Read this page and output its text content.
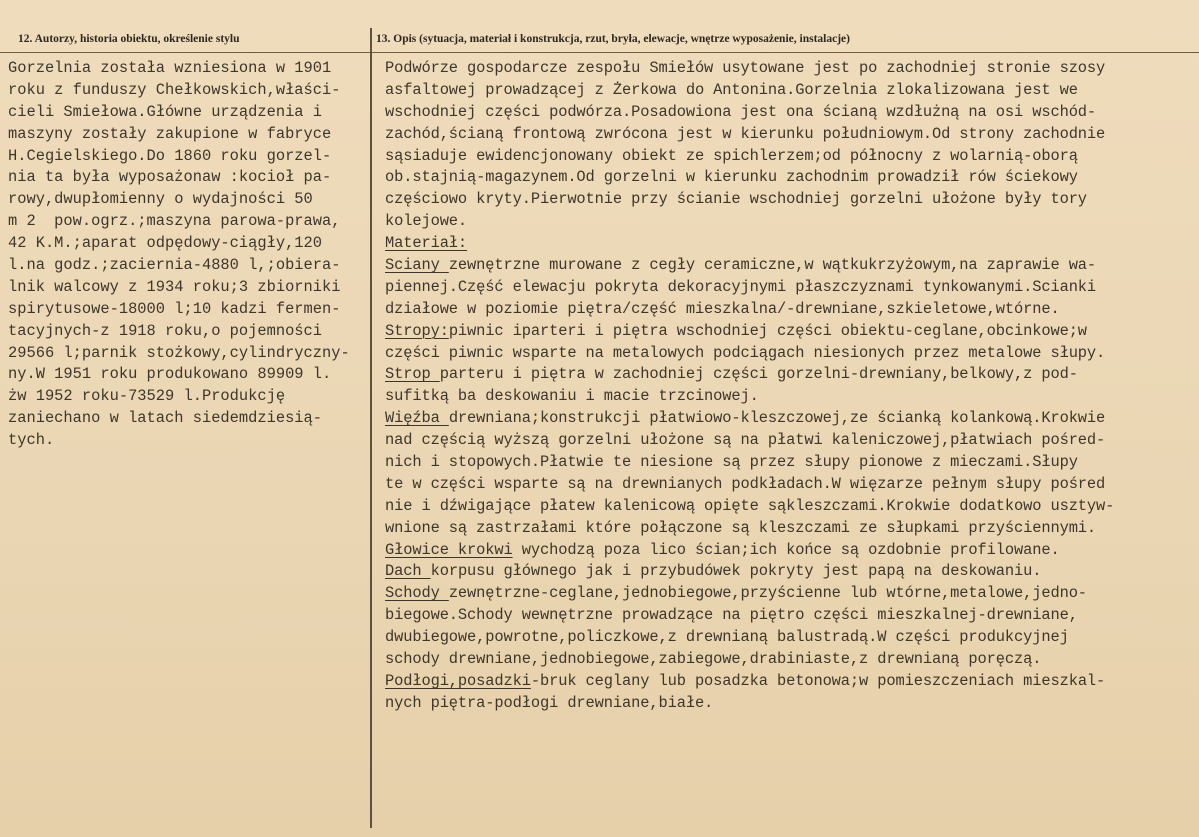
12. Autorzy, historia obiektu, określenie stylu	13. Opis (sytuacja, materiał i konstrukcja, rzut, bryła, elewacje, wnętrze wyposażenie, instalacje)
Gorzelnia została wzniesiona w 1901
roku z funduszy Chełkowskich,właści-
cieli Smiełowa.Główne urządzenia i
maszyny zostały zakupione w fabryce
H.Cegielskiego.Do 1860 roku gorzel-
nia ta była wyposażonaw :kocioł pa-
rowy,dwupłomienny o wydajności 50
m 2  pow.ogrz.;maszyna parowa-prawa,
42 K.M.;aparat odpędowy-ciągły,120
l.na godz.;zacierniа-4880 l,;obiera-
lnik walcowy z 1934 roku;3 zbiorniki
spirytusowe-18000 l;10 kadzi fermen-
tacyjnych-z 1918 roku,o pojemności
29566 l;parnik stożkowy,cylindryczny-
ny.W 1951 roku produkowano 89909 l.
żw 1952 roku-73529 l.Produkcję
zaniechano w latach siedemdziesią-
tych.
Podwórze gospodarcze zespołu Smiełów usytowane jest po zachodniej stronie szosy
asfaltowej prowadzącej z Żerkowa do Antonina.Gorzelnia zlokalizowana jest we
wschodniej części podwórza.Posadowiona jest ona ścianą wzdłużną na osi wschód-
zachód,ścianą frontową zwrócona jest w kierunku południowym.Od strony zachodnie
sąsiaduje ewidencjonowany obiekt ze spichlerzem;od północny z wolarnią-oborą
ob.stajnią-magazynem.Od gorzelni w kierunku zachodnim prowadził rów ściekowy
częściowo kryty.Pierwotnie przy ścianie wschodniej gorzelni ułożone były tory
kolejowe.
Materiał:
Sciany zewnętrzne murowane z cegły ceramiczne,w wątkukrzyżowym,na zaprawie wa-
piennej.Część elewacju pokryta dekoracyjnymi płaszczyznami tynkowanymi.Scianki
działowe w poziomie piętra/część mieszkalna/-drewniane,szkieletowe,wtórne.
Stropy:piwnic iparteri i piętra wschodniej części obiektu-ceglane,obcinkowe;w
części piwnic wsparte na metalowych podciągach niesionych przez metalowe słupy.
Strop parteru i piętra w zachodniej części gorzelni-drewniany,belkowy,z pod-
sufitką ba deskowaniu i macie trzcinowej.
Więźba drewniana;konstrukcji płatwiowo-kleszczowej,ze ścianką kolankową.Krokwie
nad częścią wyższą gorzelni ułożone są na płatwi kaleniczowej,płatwiach pośred-
nich i stopowych.Płatwie te niesione są przez słupy pionowe z mieczami.Słupy
te w części wsparte są na drewnianych podkładach.W więzarze pełnym słupy pośred
nie i dźwigające płatew kalenicową opięte sąkleszczami.Krokwie dodatkowo usztyw-
wnione są zastrzałami które połączone są kleszczami ze słupkami przyściennymi.
Głowice krokwi wychodzą poza lico ścian;ich końce są ozdobnie profilowane.
Dach korpusu głównego jak i przybudówek pokryty jest papą na deskowaniu.
Schody zewnętrzne-ceglane,jednobiegowe,przyścienne lub wtórne,metalowe,jedno-
biegowe.Schody wewnętrzne prowadzące na piętro części mieszkalnej-drewniane,
dwubiegowe,powrotne,policzkowe,z drewnianą balustradą.W części produkcyjnej
schody drewniane,jednobiegowe,zabiegowe,drabiniaste,z drewnianą poręczą.
Podłogi,posadzki-bruk ceglany lub posadzka betonowa;w pomieszczeniach mieszkal-
nych piętra-podłogi drewniane,białe.
